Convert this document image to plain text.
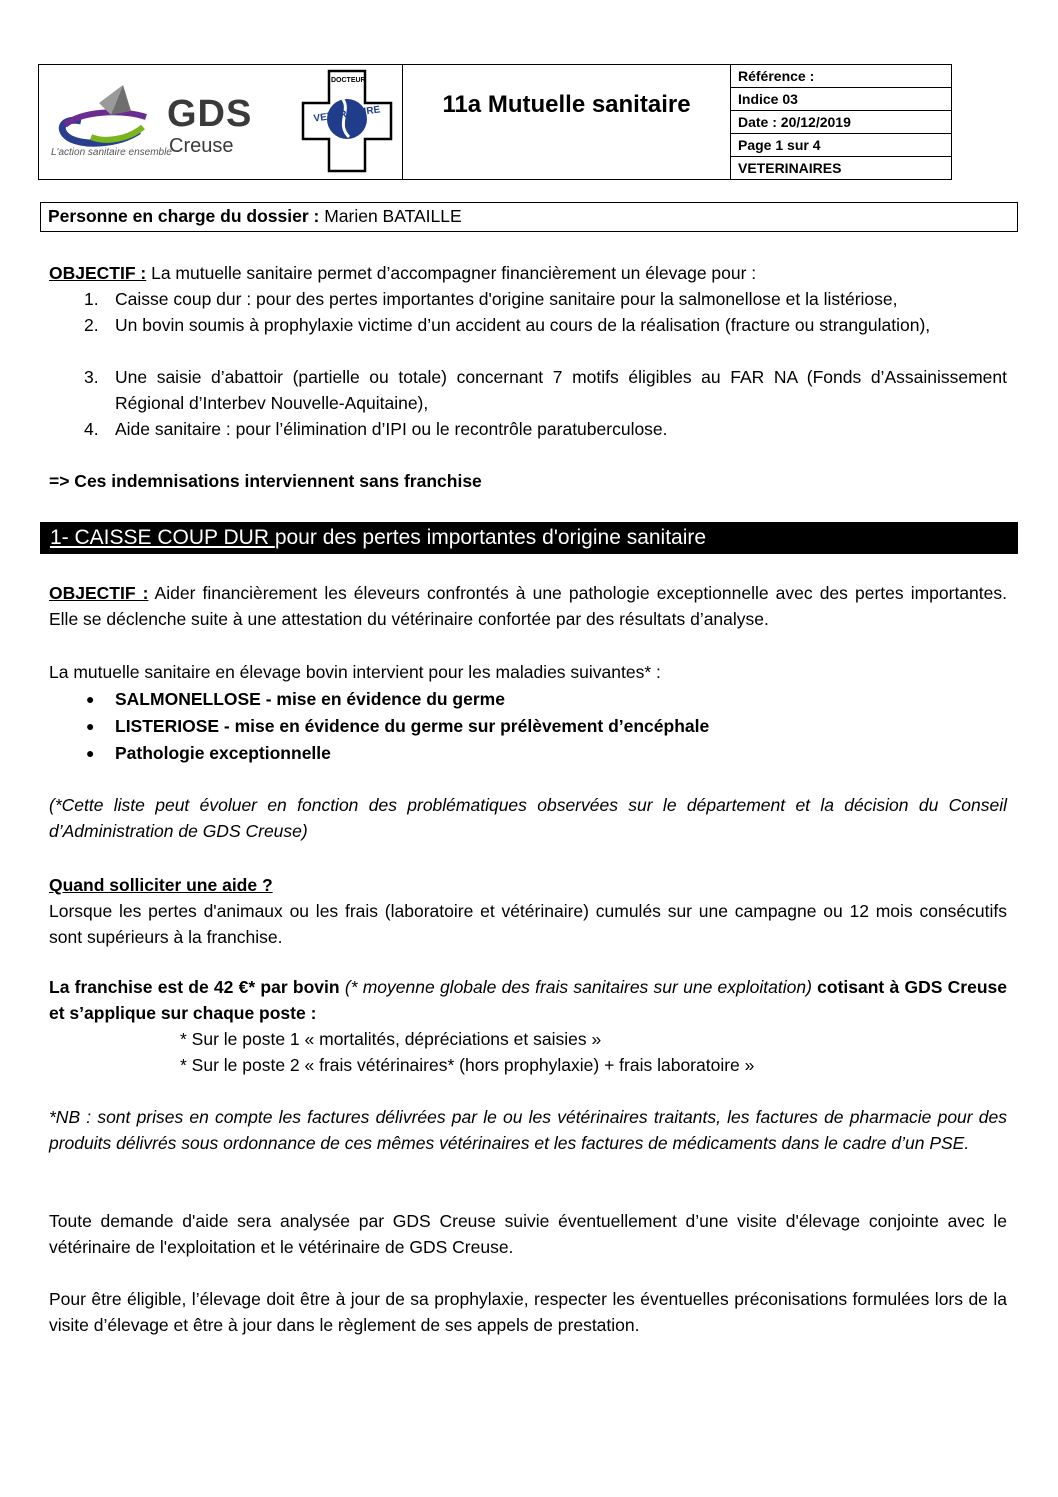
GDS
Creuse
L'action sanitaire ensemble
DOCTEUR
VETERINAIRE	11a Mutuelle sanitaire
Référence :
Indice 03
Date : 20/12/2019
Page 1 sur 4
VETERINAIRES
Personne en charge du dossier : Marien BATAILLE
OBJECTIF : La mutuelle sanitaire permet d’accompagner financièrement un élevage pour :
1. Caisse coup dur : pour des pertes importantes d'origine sanitaire pour la salmonellose et la listériose,
2. Un bovin soumis à prophylaxie victime d’un accident au cours de la réalisation (fracture ou strangulation),
3. Une saisie d’abattoir (partielle ou totale) concernant 7 motifs éligibles au FAR NA (Fonds d’Assainissement Régional d’Interbev Nouvelle-Aquitaine),
4. Aide sanitaire : pour l’élimination d’IPI ou le recontrôle paratuberculose.
=> Ces indemnisations interviennent sans franchise
1- CAISSE COUP DUR pour des pertes importantes d'origine sanitaire
OBJECTIF : Aider financièrement les éleveurs confrontés à une pathologie exceptionnelle avec des pertes importantes. Elle se déclenche suite à une attestation du vétérinaire confortée par des résultats d’analyse.
La mutuelle sanitaire en élevage bovin intervient pour les maladies suivantes* :
● SALMONELLOSE - mise en évidence du germe
● LISTERIOSE - mise en évidence du germe sur prélèvement d’encéphale
● Pathologie exceptionnelle
(*Cette liste peut évoluer en fonction des problématiques observées sur le département et la décision du Conseil d’Administration de GDS Creuse)
Quand solliciter une aide ?
Lorsque les pertes d'animaux ou les frais (laboratoire et vétérinaire) cumulés sur une campagne ou 12 mois consécutifs sont supérieurs à la franchise.
La franchise est de 42 €* par bovin (* moyenne globale des frais sanitaires sur une exploitation) cotisant à GDS Creuse et s’applique sur chaque poste :
* Sur le poste 1 « mortalités, dépréciations et saisies »
* Sur le poste 2 « frais vétérinaires* (hors prophylaxie) + frais laboratoire »
*NB : sont prises en compte les factures délivrées par le ou les vétérinaires traitants, les factures de pharmacie pour des produits délivrés sous ordonnance de ces mêmes vétérinaires et les factures de médicaments dans le cadre d’un PSE.
Toute demande d'aide sera analysée par GDS Creuse suivie éventuellement d’une visite d'élevage conjointe avec le vétérinaire de l'exploitation et le vétérinaire de GDS Creuse.
Pour être éligible, l’élevage doit être à jour de sa prophylaxie, respecter les éventuelles préconisations formulées lors de la visite d’élevage et être à jour dans le règlement de ses appels de prestation.
